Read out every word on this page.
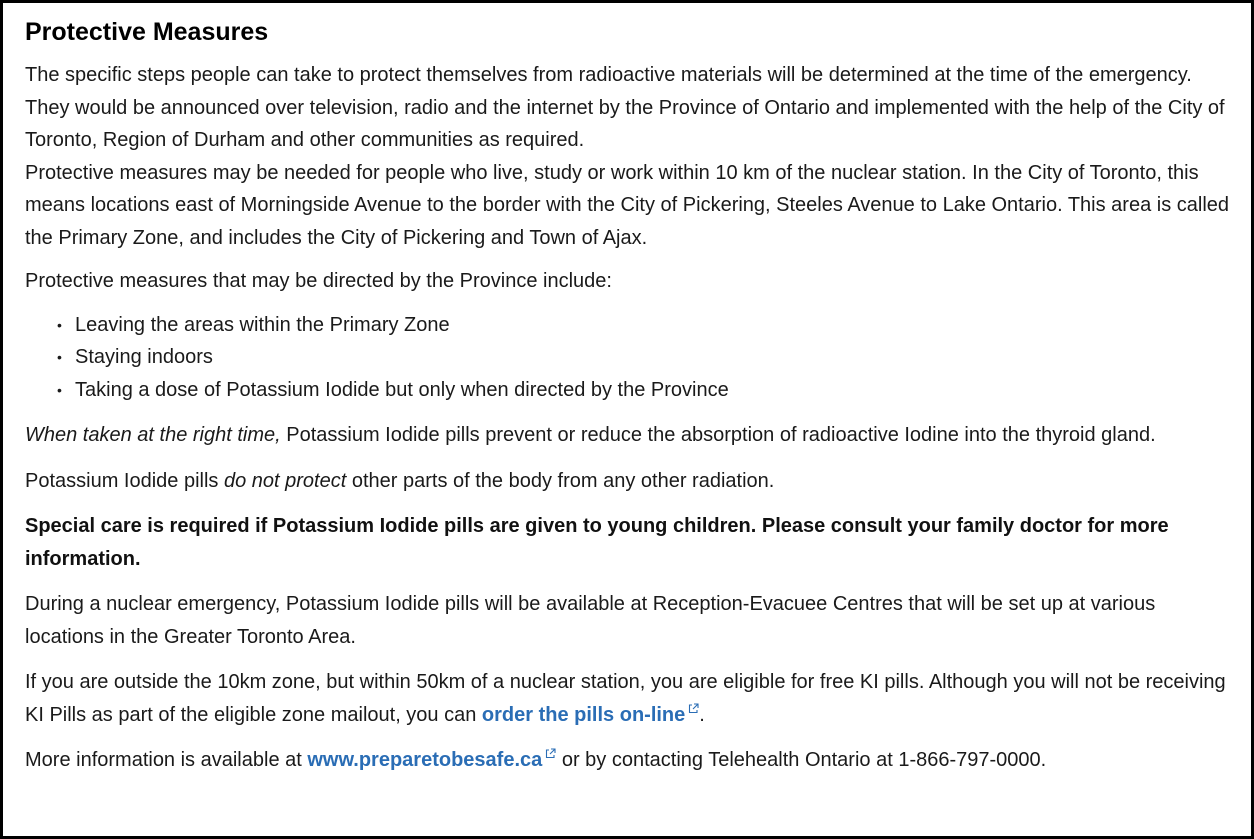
Protective Measures

The specific steps people can take to protect themselves from radioactive materials will be determined at the time of the emergency. They would be announced over television, radio and the internet by the Province of Ontario and implemented with the help of the City of Toronto, Region of Durham and other communities as required.

Protective measures may be needed for people who live, study or work within 10 km of the nuclear station. In the City of Toronto, this means locations east of Morningside Avenue to the border with the City of Pickering, Steeles Avenue to Lake Ontario. This area is called the Primary Zone, and includes the City of Pickering and Town of Ajax.

Protective measures that may be directed by the Province include:

• Leaving the areas within the Primary Zone
• Staying indoors
• Taking a dose of Potassium Iodide but only when directed by the Province

When taken at the right time, Potassium Iodide pills prevent or reduce the absorption of radioactive Iodine into the thyroid gland.

Potassium Iodide pills do not protect other parts of the body from any other radiation.

Special care is required if Potassium Iodide pills are given to young children. Please consult your family doctor for more information.

During a nuclear emergency, Potassium Iodide pills will be available at Reception-Evacuee Centres that will be set up at various locations in the Greater Toronto Area.

If you are outside the 10km zone, but within 50km of a nuclear station, you are eligible for free KI pills. Although you will not be receiving KI Pills as part of the eligible zone mailout, you can order the pills on-line .

More information is available at www.preparetobesafe.ca or by contacting Telehealth Ontario at 1-866-797-0000.
